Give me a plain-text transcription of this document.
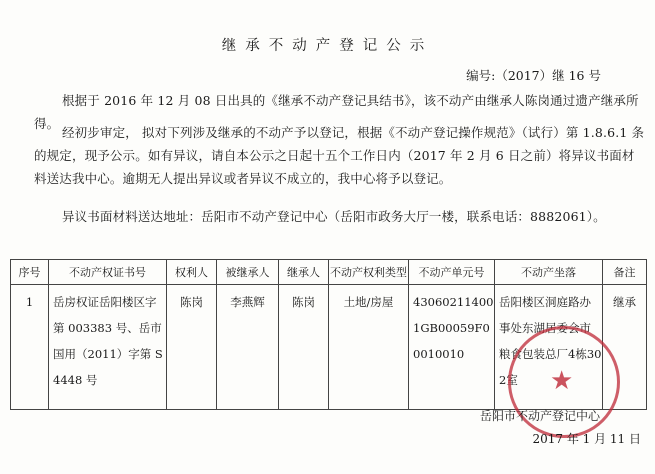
继承不动产登记公示
编号:（2017）继 16 号

根据于 2016 年 12 月 08 日出具的《继承不动产登记具结书》，该不动产由继承人陈岗通过遗产继承所得。

经初步审定， 拟对下列涉及继承的不动产予以登记，根据《不动产登记操作规范》（试行）第 1.8.6.1 条的规定，现予公示。如有异议，请自本公示之日起十五个工作日内（2017 年 2 月 6 日之前）将异议书面材料送达我中心。逾期无人提出异议或者异议不成立的，我中心将予以登记。

异议书面材料送达地址：岳阳市不动产登记中心（岳阳市政务大厅一楼，联系电话：8882061）。

序号	不动产权证书号	权利人	被继承人	继承人	不动产权利类型	不动产单元号	不动产坐落	备注
1	岳房权证岳阳楼区字第 003383 号、岳市国用（2011）字第 S4448 号	陈岗	李燕辉	陈岗	土地/房屋	430602114001GB00059F00010010	岳阳楼区洞庭路办事处东湖居委会市粮食包装总厂4栋302室	继承
★
岳阳市不动产登记中心
2017 年 1 月 11 日
